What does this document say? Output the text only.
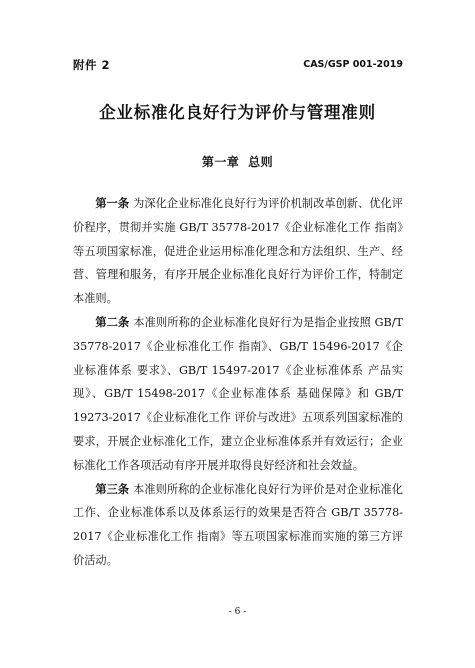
附件 2	CAS/GSP 001-2019
企业标准化良好行为评价与管理准则
第一章 总则

第一条 为深化企业标准化良好行为评价机制改革创新、优化评价程序，贯彻并实施 GB/T 35778-2017《企业标准化工作 指南》等五项国家标准，促进企业运用标准化理念和方法组织、生产、经营、管理和服务，有序开展企业标准化良好行为评价工作，特制定本准则。

第二条 本准则所称的企业标准化良好行为是指企业按照 GB/T 35778-2017《企业标准化工作 指南》、GB/T 15496-2017《企业标准体系 要求》、GB/T 15497-2017《企业标准体系 产品实现》、GB/T 15498-2017《企业标准体系 基础保障》和 GB/T 19273-2017《企业标准化工作 评价与改进》五项系列国家标准的要求，开展企业标准化工作，建立企业标准体系并有效运行；企业标准化工作各项活动有序开展并取得良好经济和社会效益。

第三条 本准则所称的企业标准化良好行为评价是对企业标准化工作、企业标准体系以及体系运行的效果是否符合 GB/T 35778-2017《企业标准化工作 指南》等五项国家标准而实施的第三方评价活动。

- 6 -
